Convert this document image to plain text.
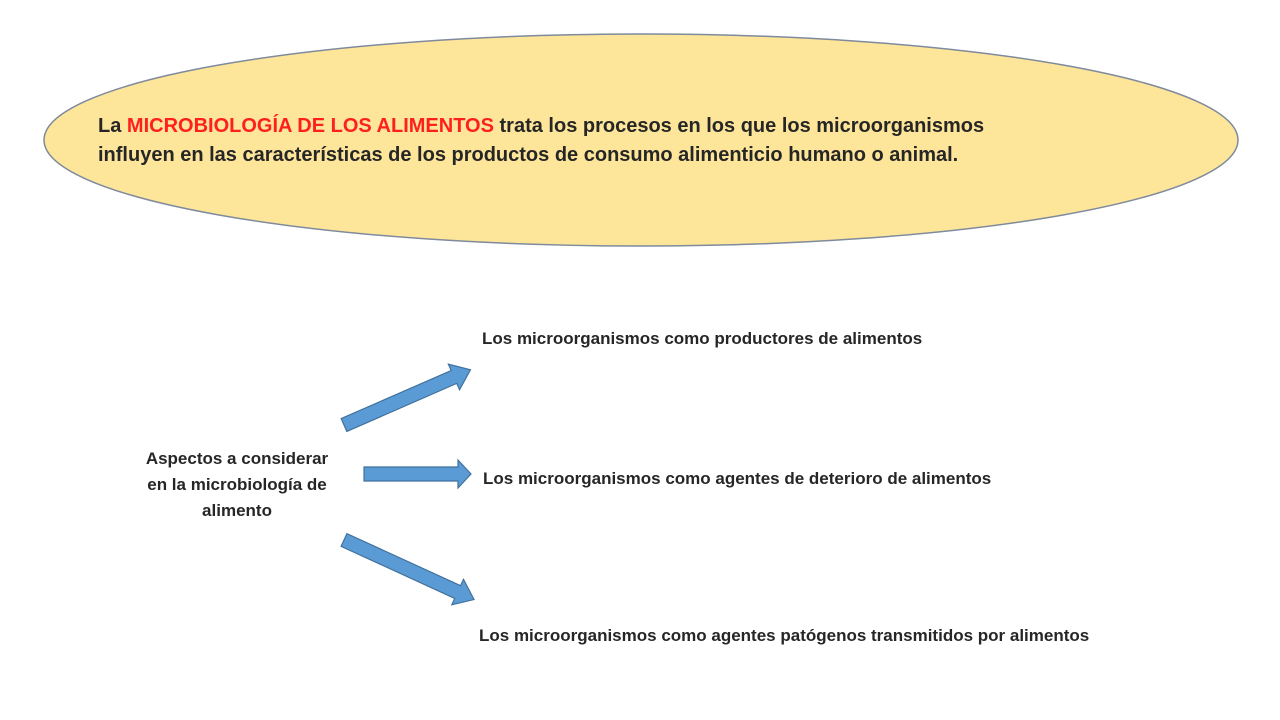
La MICROBIOLOGÍA DE LOS ALIMENTOS trata los procesos en los que los microorganismos
influyen en las características de los productos de consumo alimenticio humano o animal.
Aspectos a considerar
en la microbiología de
alimento
Los microorganismos como productores de alimentos
Los microorganismos como agentes de deterioro de alimentos
Los microorganismos como agentes patógenos transmitidos por alimentos
